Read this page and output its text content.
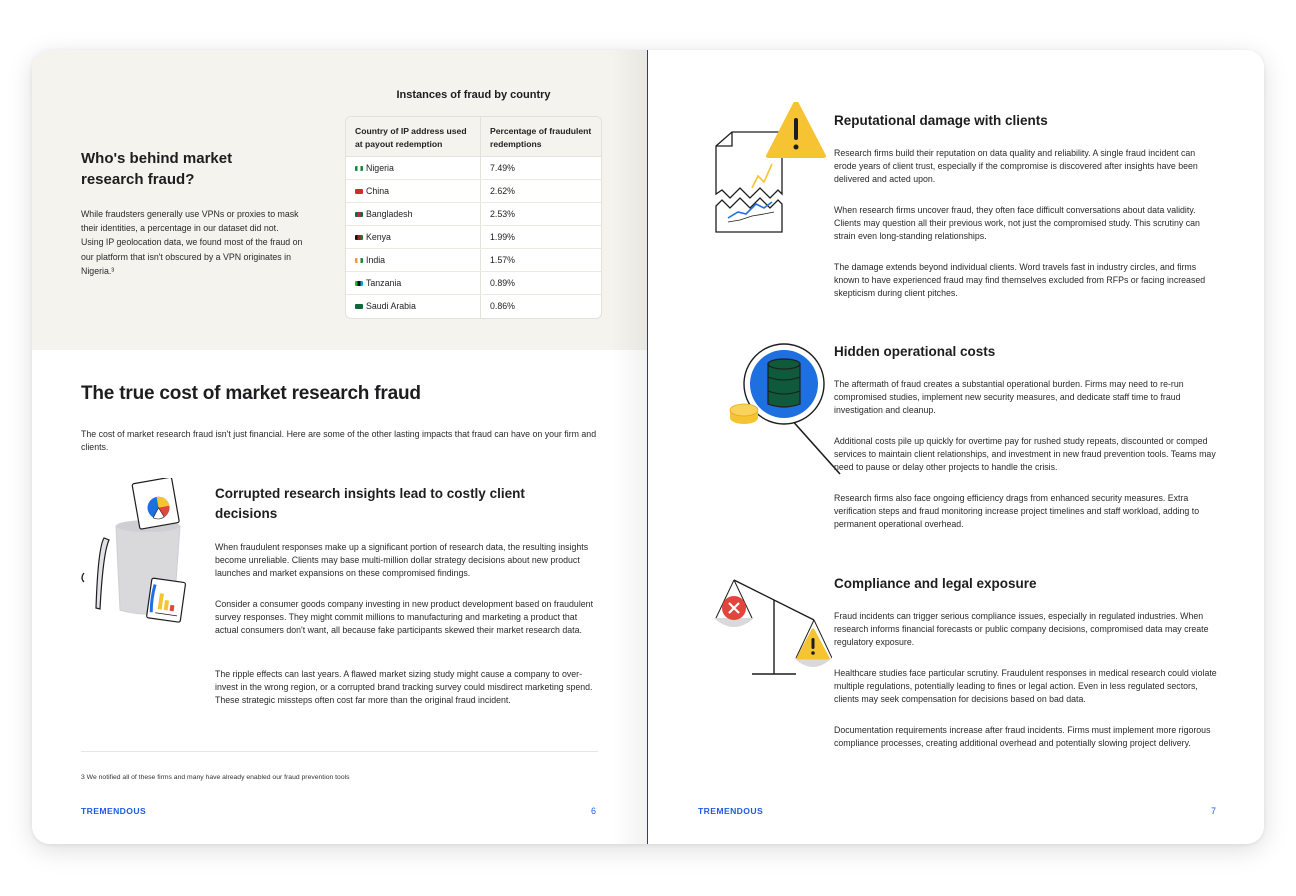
Who's behind market research fraud?
While fraudsters generally use VPNs or proxies to mask their identities, a percentage in our dataset did not. Using IP geolocation data, we found most of the fraud on our platform that isn't obscured by a VPN originates in Nigeria.³
Instances of fraud by country
Country of IP address used at payout redemption
Percentage of fraudulent redemptions
Nigeria	7.49%
China	2.62%
Bangladesh	2.53%
Kenya	1.99%
India	1.57%
Tanzania	0.89%
Saudi Arabia	0.86%
The true cost of market research fraud
The cost of market research fraud isn't just financial. Here are some of the other lasting impacts that fraud can have on your firm and clients.
Corrupted research insights lead to costly client decisions
When fraudulent responses make up a significant portion of research data, the resulting insights become unreliable. Clients may base multi-million dollar strategy decisions about new product launches and market expansions on these compromised findings.
Consider a consumer goods company investing in new product development based on fraudulent survey responses. They might commit millions to manufacturing and marketing a product that actual consumers don't want, all because fake participants skewed their market research data.
The ripple effects can last years. A flawed market sizing study might cause a company to over-invest in the wrong region, or a corrupted brand tracking survey could misdirect marketing spend. These strategic missteps often cost far more than the original fraud incident.
3 We notified all of these firms and many have already enabled our fraud prevention tools
TREMENDOUS	6
Reputational damage with clients
Research firms build their reputation on data quality and reliability. A single fraud incident can erode years of client trust, especially if the compromise is discovered after insights have been delivered and acted upon.
When research firms uncover fraud, they often face difficult conversations about data validity. Clients may question all their previous work, not just the compromised study. This scrutiny can strain even long-standing relationships.
The damage extends beyond individual clients. Word travels fast in industry circles, and firms known to have experienced fraud may find themselves excluded from RFPs or facing increased skepticism during client pitches.
Hidden operational costs
The aftermath of fraud creates a substantial operational burden. Firms may need to re-run compromised studies, implement new security measures, and dedicate staff time to fraud investigation and cleanup.
Additional costs pile up quickly for overtime pay for rushed study repeats, discounted or comped services to maintain client relationships, and investment in new fraud prevention tools. Teams may need to pause or delay other projects to handle the crisis.
Research firms also face ongoing efficiency drags from enhanced security measures. Extra verification steps and fraud monitoring increase project timelines and staff workload, adding to permanent operational overhead.
Compliance and legal exposure
Fraud incidents can trigger serious compliance issues, especially in regulated industries. When research informs financial forecasts or public company decisions, compromised data may create regulatory exposure.
Healthcare studies face particular scrutiny. Fraudulent responses in medical research could violate multiple regulations, potentially leading to fines or legal action. Even in less regulated sectors, clients may seek compensation for decisions based on bad data.
Documentation requirements increase after fraud incidents. Firms must implement more rigorous compliance processes, creating additional overhead and potentially slowing project delivery.
TREMENDOUS	7
